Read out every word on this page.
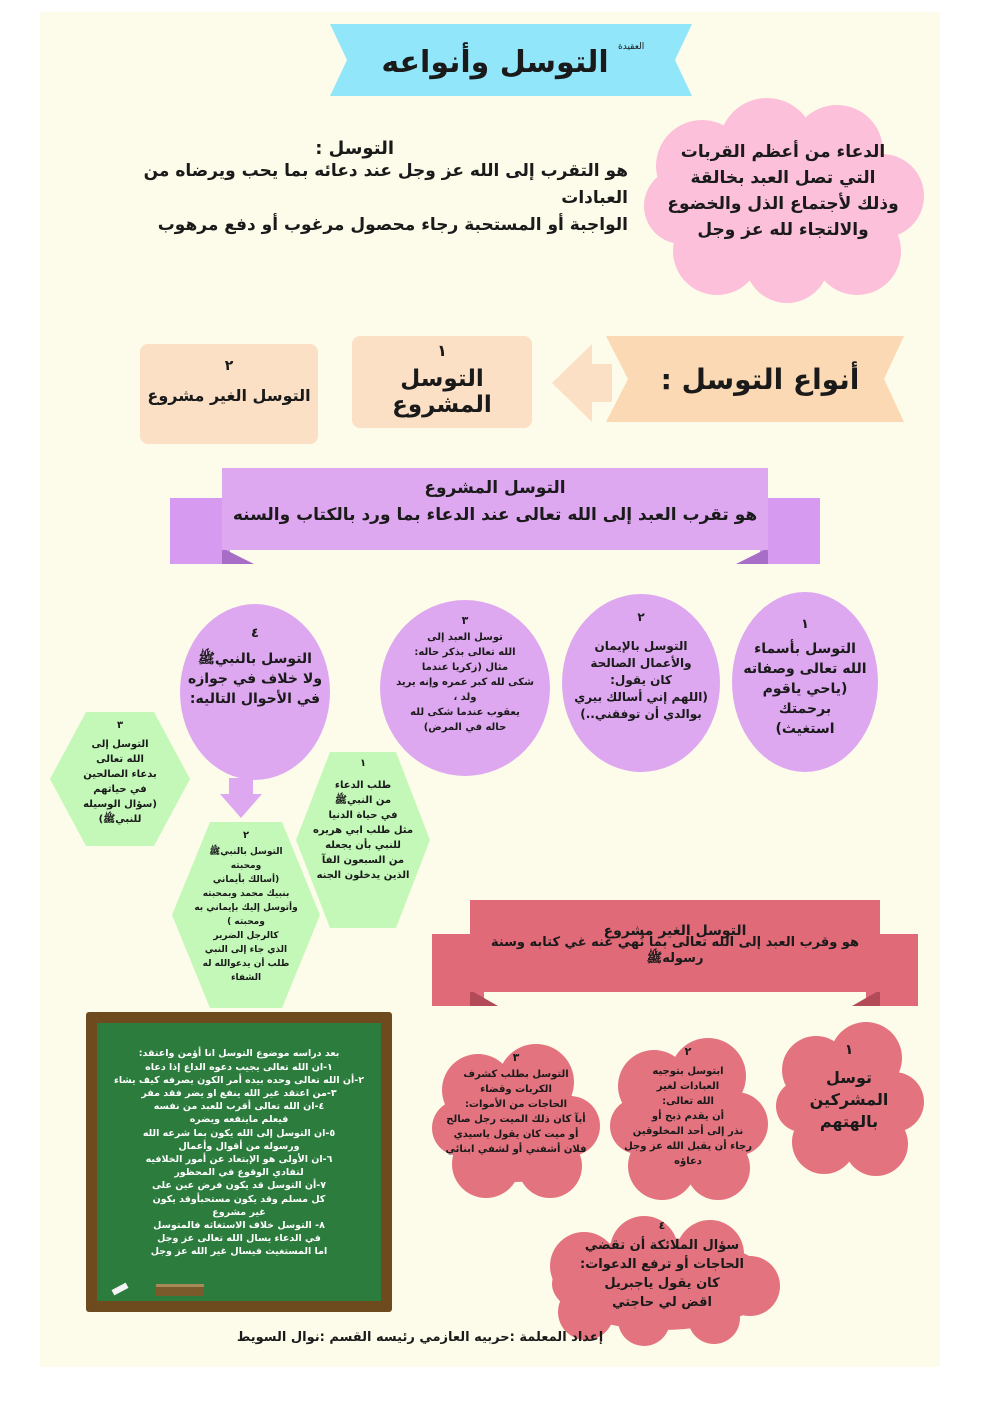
التوسل وأنواعه	العقيدة
الدعاء من أعظم القربات
التي تصل العبد بخالقة
وذلك لأجتماع الذل والخضوع
والالتجاء لله عز وجل
التوسل :
هو التقرب إلى الله عز وجل عند دعائه بما يحب ويرضاه من العبادات
الواجبة أو المستحبة رجاء محصول مرغوب أو دفع مرهوب
أنواع التوسل :
١
التوسل المشروع
٢
التوسل الغير مشروع
التوسل المشروع
هو تقرب العبد إلى الله تعالى عند الدعاء بما ورد بالكتاب والسنه
١
التوسل بأسماء
الله تعالى وصفاته
(ياحي ياقوم
برحمتك
استغيث)
٢
التوسل بالإيمان
والأعمال الصالحة
كان يقول:
(اللهم إني أسالك بيري
بوالدي أن توفقني..)
٣
توسل العبد إلى
الله تعالى بذكر حاله:
مثال (زكريا عندما
شكى لله كبر عمره وإنه يريد
ولد ،
يعقوب عندما شكى لله
حاله في المرض)
٤
التوسل بالنبيﷺ
ولا خلاف في جوازه
في الأحوال التاليه:
١
طلب الدعاء
من النبيﷺ
في حياة الدنيا
مثل طلب ابي هريره
للنبي بأن يجعله
من السبعون الفآ
الذين يدخلون الجنه
٢
التوسل بالنبيﷺ
ومحبته
(أسالك بأيماني
بنبيك محمد وبمحبته
وأتوسل إليك بإيماني به
ومحبته )
كالرجل الضرير
الذي جاء إلى النبي
طلب أن يدعوالله له
الشفاء
٣
التوسل إلى
الله تعالى
بدعاء الصالحين
في حياتهم
(سؤال الوسيله
للنبيﷺ)
التوسل الغير مشروع
هو وقرب العبد إلى الله تعالى بما نُهي عنه غي كتابه وسنة رسولهﷺ
١
توسل
المشركين
بالهتهم
٢
ابتوسل بتوجيه
العبادات لغير
الله تعالى:
أن يقدم ذبح أو
نذر إلى أحد المخلوقين
رجاء أن يقبل الله عز وجل
دعاؤه
٣
التوسل بطلب كشرف
الكربات وقضاء
الحاجات من الأموات:
أيآ كان ذلك الميت رجل صالح
أو ميت كان يقول ياسيدي
فلان أشفني أو لشفي ابنائي
٤
سؤال الملائكة أن تقضي
الحاجات أو ترفع الدعوات:
كان يقول ياجبريل
اقض لي حاجتي
بعد دراسه موضوع التوسل انا أؤمن واعتقد:
١-ان الله تعالى يجيب دعوه الداع إذا دعاه
٢-أن الله تعالى وحده بيده أمر الكون يصرفه كيف يشاء
٣-من اعتقد غير الله ينفع او يضر فقد مفر
٤-ان الله تعالى أقرب للعبد من نفسه
فيعلم ماينفعه ويضره
٥-ان التوسل إلى الله يكون بما شرعه الله
ورسوله من أقوال وأعمال
٦-ان الأولى هو الإبتعاد عن أمور الخلافيه
لتفادي الوقوع في المحظور
٧-أن التوسل قد يكون فرض عين على
كل مسلم وقد يكون مستحبأوقد يكون
غير مشروع
٨- التوسل خلاف الاستغاثه فالمتوسل
في الدعاء يسال الله تعالى عز وجل
اما المستغيث فيسال غير الله عز وجل
إعداد المعلمة :حربيه العازمي رئيسه القسم :نوال السويط
